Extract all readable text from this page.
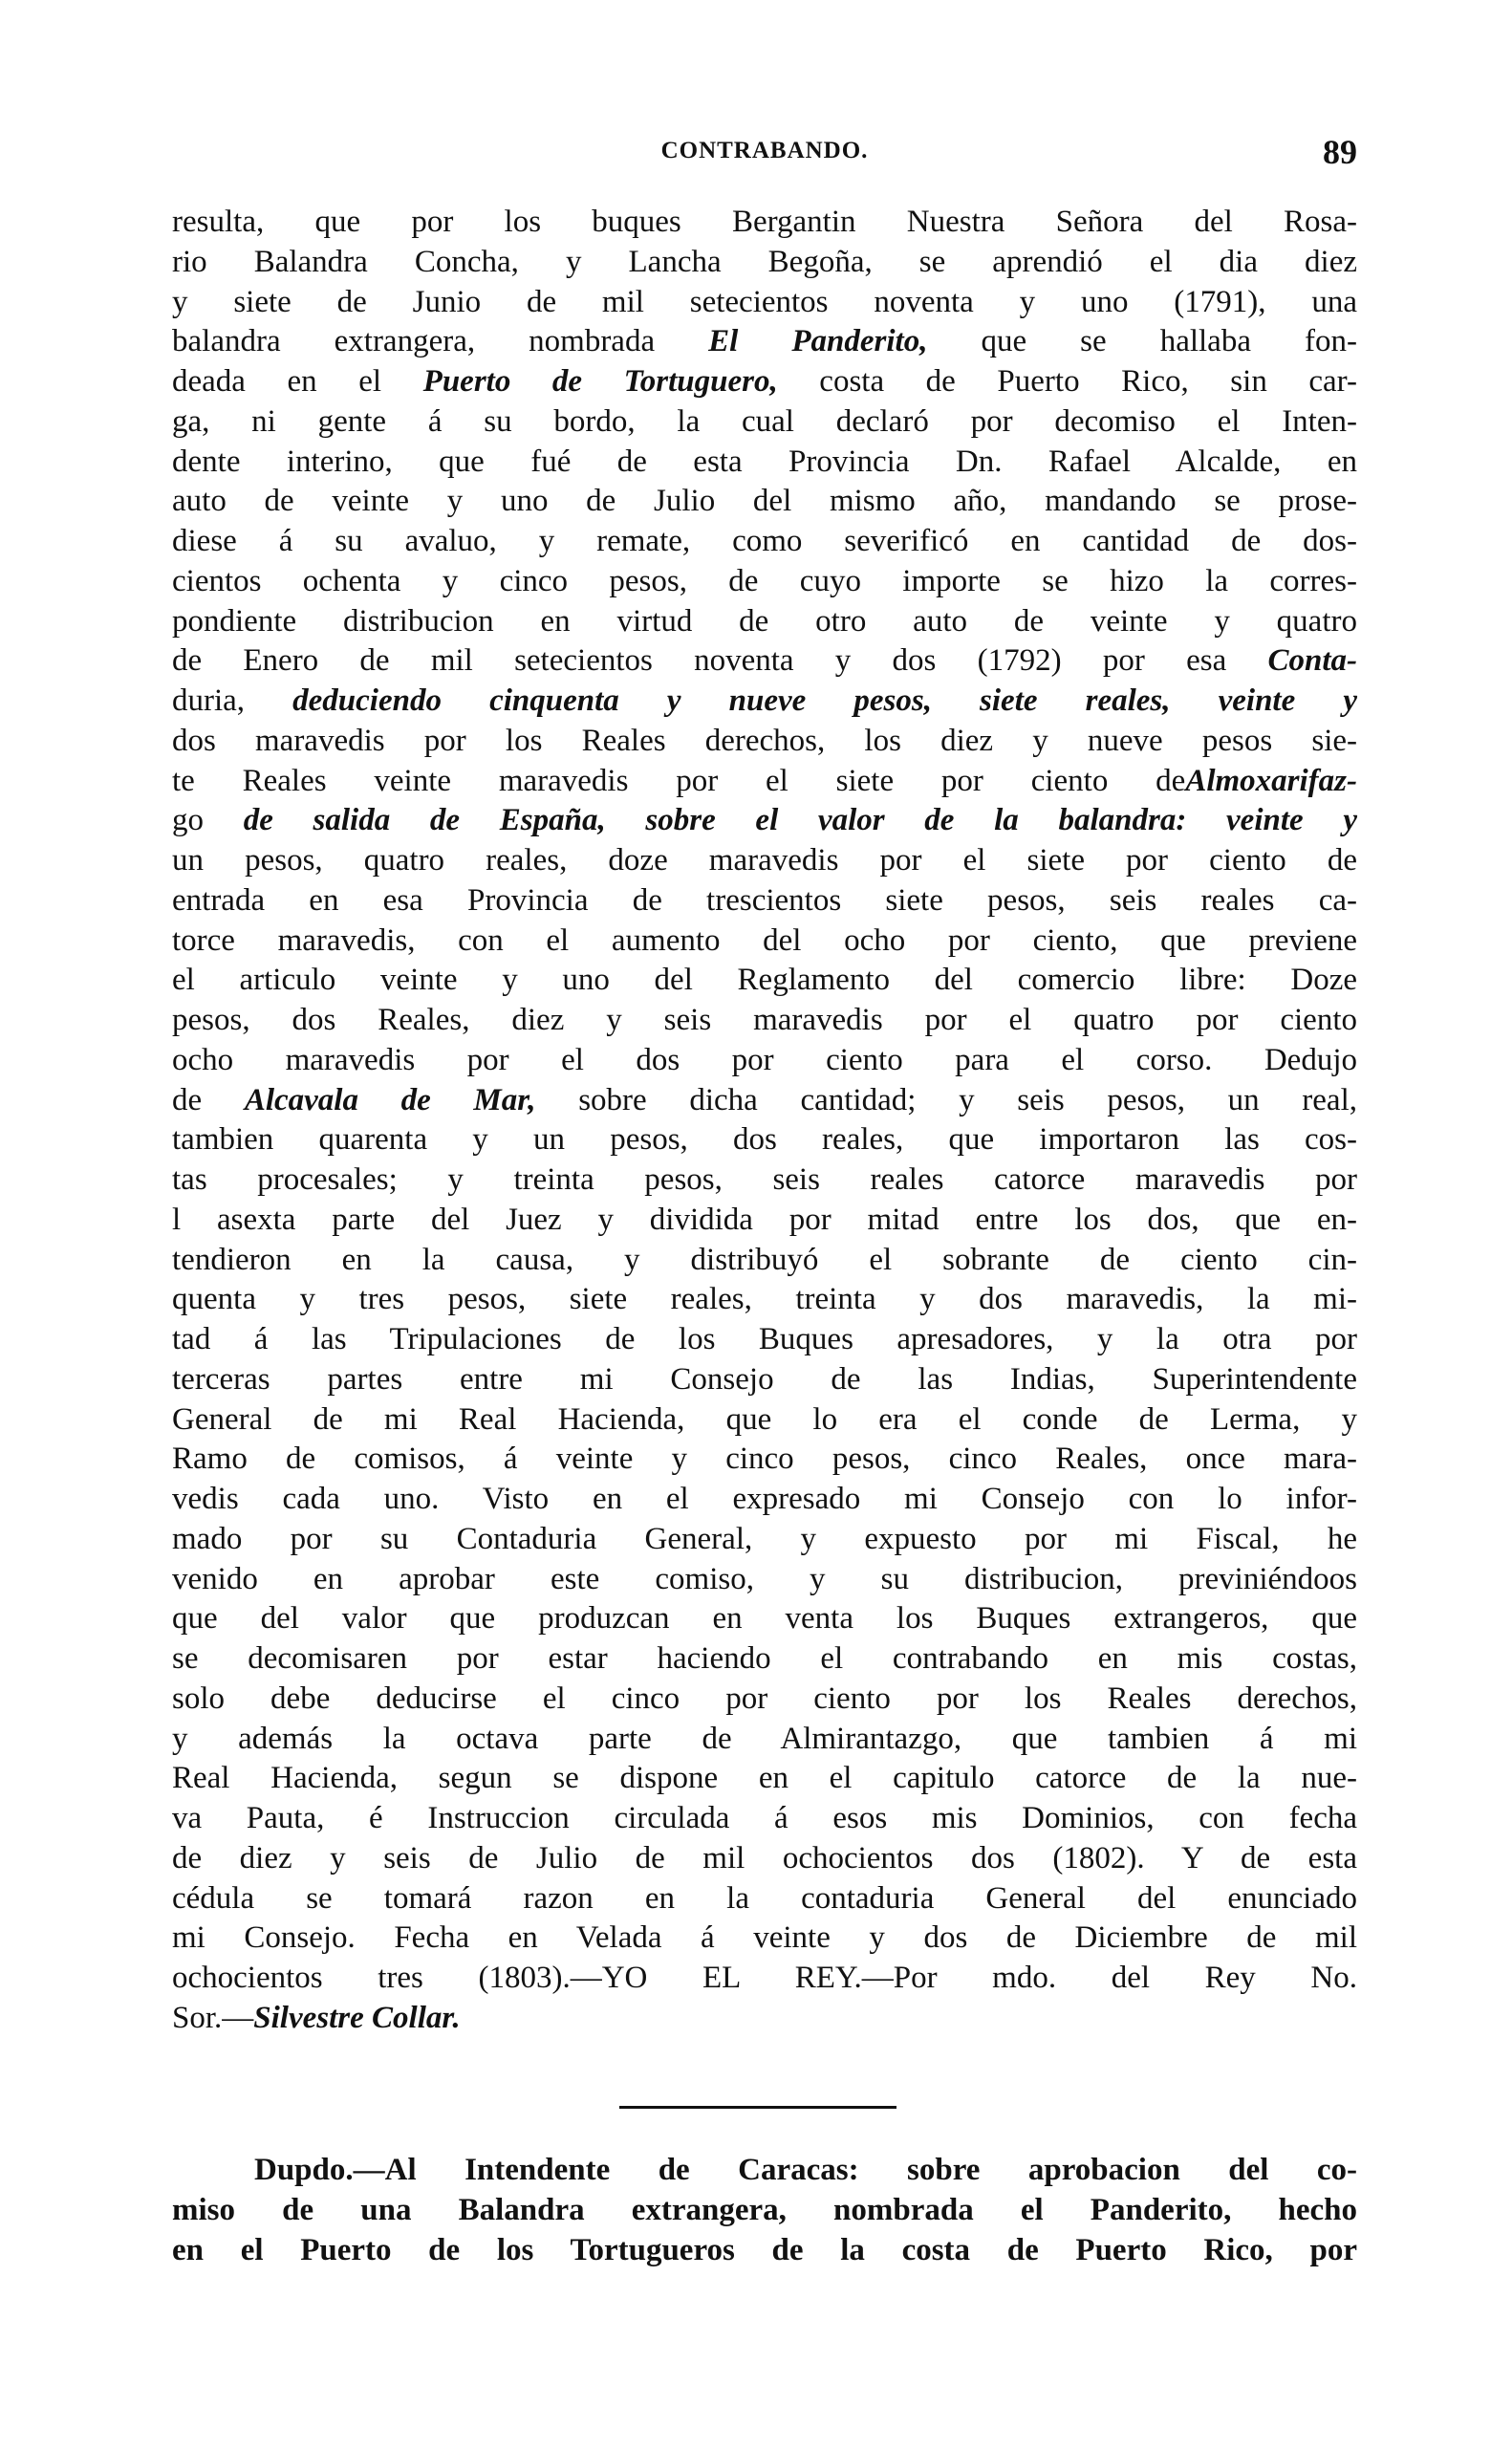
CONTRABANDO.	89
resulta, que por los buques Bergantin Nuestra Señora del Rosa-
rio Balandra Concha, y Lancha Begoña, se aprendió el dia diez
y siete de Junio de mil setecientos noventa y uno (1791), una
balandra extrangera, nombrada El Panderito, que se hallaba fon-
deada en el Puerto de Tortuguero, costa de Puerto Rico, sin car-
ga, ni gente á su bordo, la cual declaró por decomiso el Inten-
dente interino, que fué de esta Provincia Dn. Rafael Alcalde, en
auto de veinte y uno de Julio del mismo año, mandando se prose-
diese á su avaluo, y remate, como severificó en cantidad de dos-
cientos ochenta y cinco pesos, de cuyo importe se hizo la corres-
pondiente distribucion en virtud de otro auto de veinte y quatro
de Enero de mil setecientos noventa y dos (1792) por esa Conta-
duria, deduciendo cinquenta y nueve pesos, siete reales, veinte y
dos maravedis por los Reales derechos, los diez y nueve pesos sie-
te Reales veinte maravedis por el siete por ciento deAlmoxarifaz-
go de salida de España, sobre el valor de la balandra: veinte y
un pesos, quatro reales, doze maravedis por el siete por ciento de
entrada en esa Provincia de trescientos siete pesos, seis reales ca-
torce maravedis, con el aumento del ocho por ciento, que previene
el articulo veinte y uno del Reglamento del comercio libre: Doze
pesos, dos Reales, diez y seis maravedis por el quatro por ciento
ocho maravedis por el dos por ciento para el corso. Dedujo
de Alcavala de Mar, sobre dicha cantidad; y seis pesos, un real,
tambien quarenta y un pesos, dos reales, que importaron las cos-
tas procesales; y treinta pesos, seis reales catorce maravedis por
l asexta parte del Juez y dividida por mitad entre los dos, que en-
tendieron en la causa, y distribuyó el sobrante de ciento cin-
quenta y tres pesos, siete reales, treinta y dos maravedis, la mi-
tad á las Tripulaciones de los Buques apresadores, y la otra por
terceras partes entre mi Consejo de las Indias, Superintendente
General de mi Real Hacienda, que lo era el conde de Lerma, y
Ramo de comisos, á veinte y cinco pesos, cinco Reales, once mara-
vedis cada uno. Visto en el expresado mi Consejo con lo infor-
mado por su Contaduria General, y expuesto por mi Fiscal, he
venido en aprobar este comiso, y su distribucion, previniéndoos
que del valor que produzcan en venta los Buques extrangeros, que
se decomisaren por estar haciendo el contrabando en mis costas,
solo debe deducirse el cinco por ciento por los Reales derechos,
y además la octava parte de Almirantazgo, que tambien á mi
Real Hacienda, segun se dispone en el capitulo catorce de la nue-
va Pauta, é Instruccion circulada á esos mis Dominios, con fecha
de diez y seis de Julio de mil ochocientos dos (1802). Y de esta
cédula se tomará razon en la contaduria General del enunciado
mi Consejo. Fecha en Velada á veinte y dos de Diciembre de mil
ochocientos tres (1803).—YO EL REY.—Por mdo. del Rey No.
Sor.—Silvestre Collar.
Dupdo.—Al Intendente de Caracas: sobre aprobacion del co-
miso de una Balandra extrangera, nombrada el Panderito, hecho
en el Puerto de los Tortugueros de la costa de Puerto Rico, por
